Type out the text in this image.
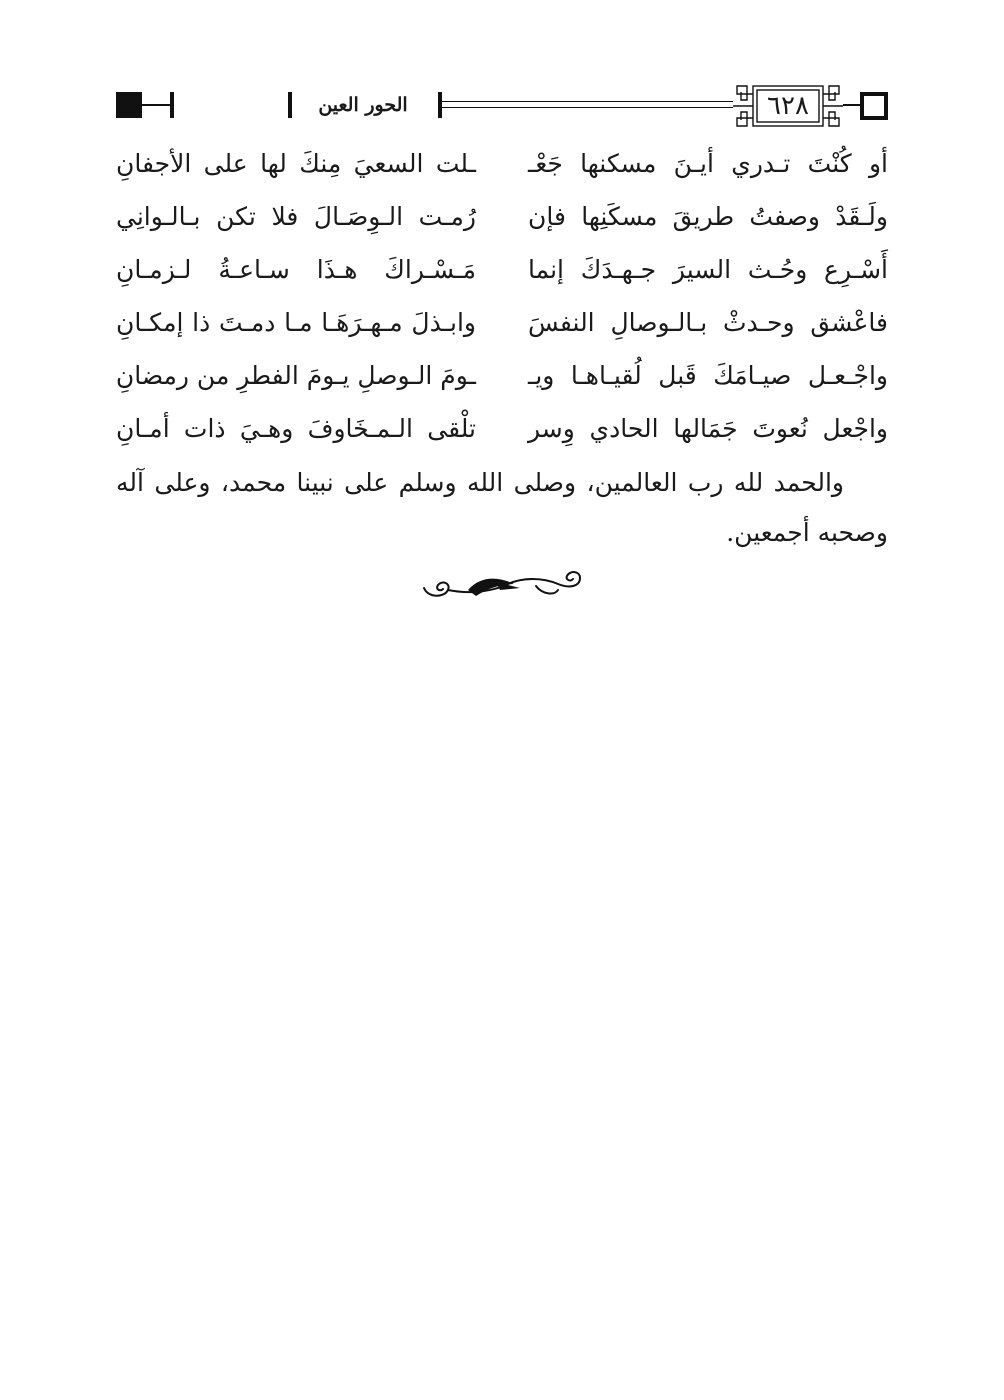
الحور العين	٦٢٨
أو كُنْتَ تـدري أيـنَ مسكنها جَعْـ
ـلت السعيَ مِنكَ لها على الأجفانِ
ولَـقَدْ وصفتُ طريقَ مسكَنِها فإن
رُمـت الـوِصَـالَ فلا تكن بـالـوانِي
أَسْـرِع وحُـث السيرَ جـهـدَكَ إنما
مَـسْـراكَ هـذَا سـاعـةُ لـزمـانِ
فاعْشق وحـدثْ بـالـوصالِ النفسَ
وابـذلَ مـهـرَهَـا مـا دمـتَ ذا إمكـانِ
واجْـعـل صيـامَكَ قَبل لُقيـاهـا ويـ
ـومَ الـوصلِ يـومَ الفطرِ من رمضانِ
واجْعل نُعوتَ جَمَالها الحادي وِسر
تلْقى الـمـخَاوفَ وهـيَ ذات أمـانِ

والحمد لله رب العالمين، وصلى الله وسلم على نبينا محمد، وعلى آله وصحبه أجمعين.
